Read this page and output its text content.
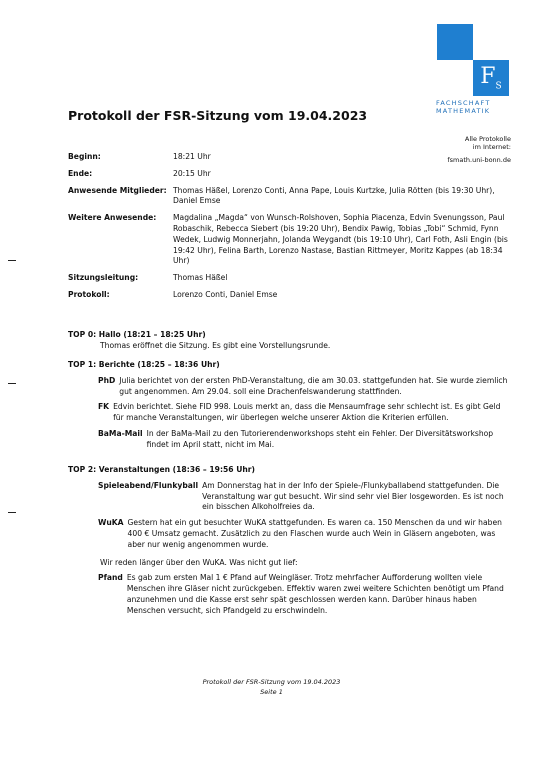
$F_S$
FACHSCHAFT
MATHEMATIK
Protokoll der FSR-Sitzung vom 19.04.2023
Alle Protokolle
im Internet:
fsmath.uni-bonn.de
Beginn:	18:21 Uhr
Ende:	20:15 Uhr
Anwesende Mitglieder: Thomas Häßel, Lorenzo Conti, Anna Pape, Louis Kurtzke, Julia Rötten (bis 19:30 Uhr), Daniel Emse
Weitere Anwesende:	Magdalina „Magda“ von Wunsch-Rolshoven, Sophia Piacenza, Edvin Svenungsson, Paul Robaschik, Rebecca Siebert (bis 19:20 Uhr), Bendix Pawig, Tobias „Tobi“ Schmid, Fynn Wedek, Ludwig Monnerjahn, Jolanda Weygandt (bis 19:10 Uhr), Carl Foth, Asli Engin (bis 19:42 Uhr), Felina Barth, Lorenzo Nastase, Bastian Rittmeyer, Moritz Kappes (ab 18:34 Uhr)
Sitzungsleitung:	Thomas Häßel
Protokoll:	Lorenzo Conti, Daniel Emse
TOP 0: Hallo (18:21 – 18:25 Uhr)
Thomas eröffnet die Sitzung. Es gibt eine Vorstellungsrunde.
TOP 1: Berichte (18:25 – 18:36 Uhr)
PhD Julia berichtet von der ersten PhD-Veranstaltung, die am 30.03. stattgefunden hat. Sie wurde ziemlich gut angenommen. Am 29.04. soll eine Drachenfelswanderung stattfinden.
FK Edvin berichtet. Siehe FID 998. Louis merkt an, dass die Mensaumfrage sehr schlecht ist. Es gibt Geld für manche Veranstaltungen, wir überlegen welche unserer Aktion die Kriterien erfüllen.
BaMa-Mail In der BaMa-Mail zu den Tutorierendenworkshops steht ein Fehler. Der Diversitätsworkshop findet im April statt, nicht im Mai.
TOP 2: Veranstaltungen (18:36 – 19:56 Uhr)
Spieleabend/Flunkyball Am Donnerstag hat in der Info der Spiele-/Flunkyballabend stattgefunden. Die Veranstaltung war gut besucht. Wir sind sehr viel Bier losgeworden. Es ist noch ein bisschen Alkoholfreies da.
WuKA Gestern hat ein gut besuchter WuKA stattgefunden. Es waren ca. 150 Menschen da und wir haben 400 € Umsatz gemacht. Zusätzlich zu den Flaschen wurde auch Wein in Gläsern angeboten, was aber nur wenig angenommen wurde.
Wir reden länger über den WuKA. Was nicht gut lief:
Pfand Es gab zum ersten Mal 1 € Pfand auf Weingläser. Trotz mehrfacher Aufforderung wollten viele Menschen ihre Gläser nicht zurückgeben. Effektiv waren zwei weitere Schichten benötigt um Pfand anzunehmen und die Kasse erst sehr spät geschlossen werden kann. Darüber hinaus haben Menschen versucht, sich Pfandgeld zu erschwindeln.
Protokoll der FSR-Sitzung vom 19.04.2023
Seite 1
